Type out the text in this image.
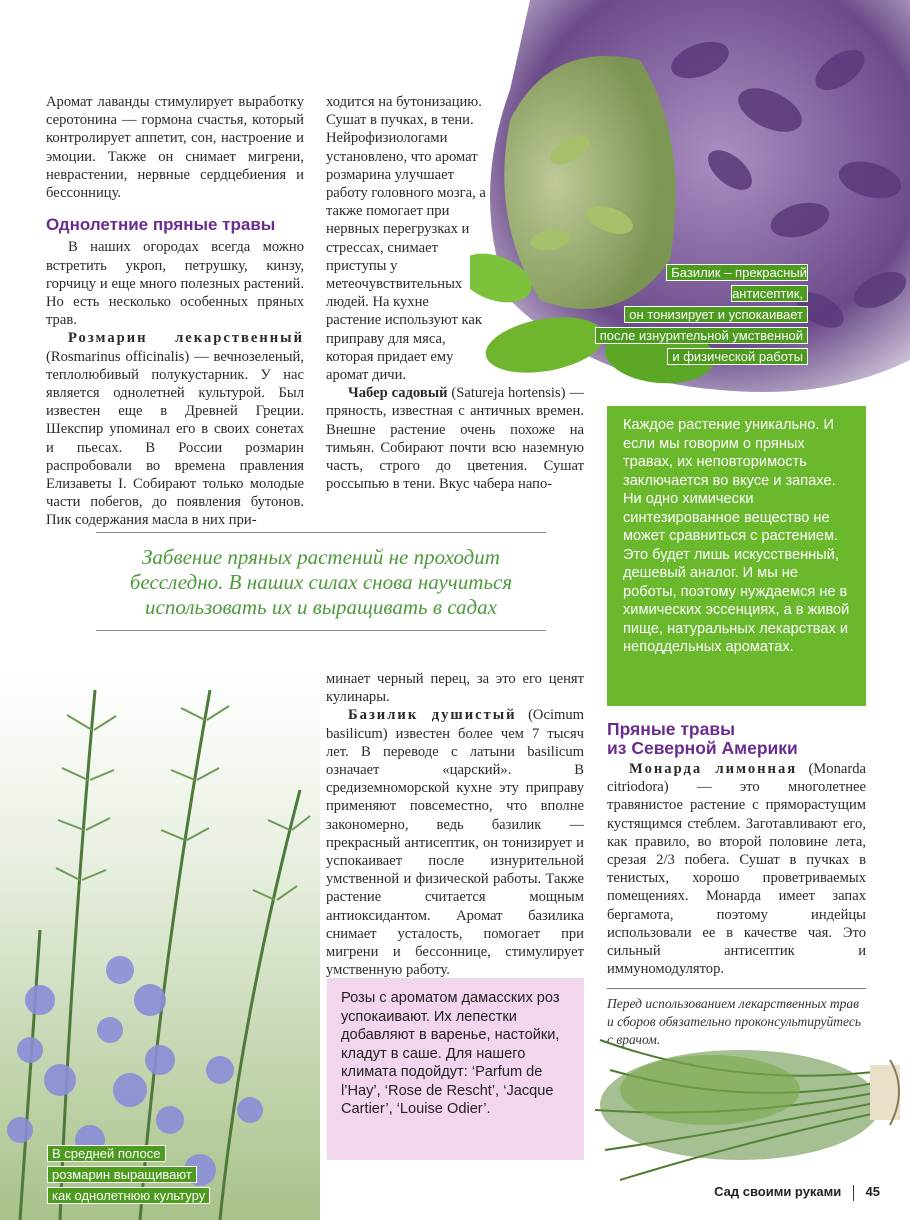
Базилик – прекрасный антисептик,
он тонизирует и успокаивает
после изнурительной умственной
и физической работы

Аромат лаванды стимулирует выработку серотонина — гормона счастья, который контролирует аппетит, сон, настроение и эмоции. Также он снимает мигрени, неврастении, нервные сердцебиения и бессонницу.

Однолетние пряные травы

В наших огородах всегда можно встретить укроп, петрушку, кинзу, горчицу и еще много полезных растений. Но есть несколько особенных пряных трав.

Розмарин лекарственный (Rosmarinus officinalis) — вечнозеленый, теплолюбивый полукустарник. У нас является однолетней культурой. Был известен еще в Древней Греции. Шекспир упоминал его в своих сонетах и пьесах. В России розмарин распробовали во времена правления Елизаветы I. Собирают только молодые части побегов, до появления бутонов. Пик содержания масла в них при-

ходится на бутонизацию. Сушат в пучках, в тени. Нейрофизиологами установлено, что аромат розмарина улучшает работу головного мозга, а также помогает при нервных перегрузках и стрессах, снимает приступы у метеочувствительных людей. На кухне растение используют как приправу для мяса, которая придает ему аромат дичи.

Чабер садовый (Satureja hortensis) — пряность, известная с античных времен. Внешне растение очень похоже на тимьян. Собирают почти всю наземную часть, строго до цветения. Сушат россыпью в тени. Вкус чабера напо-

Каждое растение уникально. И если мы говорим о пряных травах, их неповторимость заключается во вкусе и запахе. Ни одно химически синтезированное вещество не может сравниться с растением. Это будет лишь искусственный, дешевый аналог. И мы не роботы, поэтому нуждаемся не в химических эссенциях, а в живой пище, натуральных лекарствах и неподдельных ароматах.

Забвение пряных растений не проходит бесследно. В наших силах снова научиться использовать их и выращивать в садах

В средней полосе
розмарин выращивают
как однолетнюю культуру

минает черный перец, за это его ценят кулинары.

Базилик душистый (Ocimum basilicum) известен более чем 7 тысяч лет. В переводе с латыни basilicum означает «царский». В средиземноморской кухне эту приправу применяют повсеместно, что вполне закономерно, ведь базилик — прекрасный антисептик, он тонизирует и успокаивает после изнурительной умственной и физической работы. Также растение считается мощным антиоксидантом. Аромат базилика снимает усталость, помогает при мигрени и бессоннице, стимулирует умственную работу.

Розы с ароматом дамасских роз успокаивают. Их лепестки добавляют в варенье, настойки, кладут в саше. Для нашего климата подойдут: ‘Parfum de l’Hay’, ‘Rose de Rescht’, ‘Jacque Cartier’, ‘Louise Odier’.

Пряные травы
из Северной Америки

Монарда лимонная (Monarda citriodora) — это многолетнее травянистое растение с пряморастущим кустящимся стеблем. Заготавливают его, как правило, во второй половине лета, срезая 2/3 побега. Сушат в пучках в тенистых, хорошо проветриваемых помещениях. Монарда имеет запах бергамота, поэтому индейцы использовали ее в качестве чая. Это сильный антисептик и иммуномодулятор.

Перед использованием лекарственных трав и сборов обязательно проконсультируйтесь с врачом.

Сад своими руками 45
